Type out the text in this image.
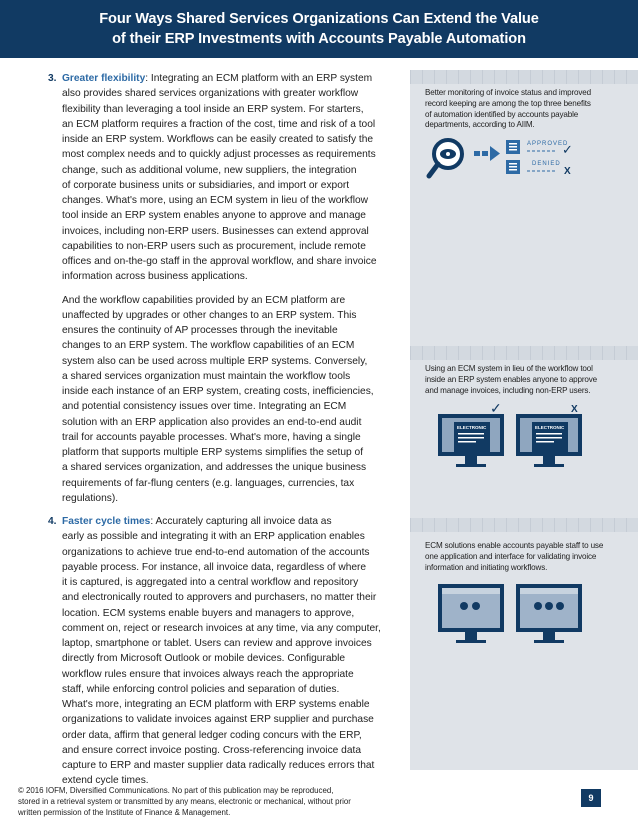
Four Ways Shared Services Organizations Can Extend the Value
of their ERP Investments with Accounts Payable Automation
3. Greater flexibility: Integrating an ECM platform with an ERP system
also provides shared services organizations with greater workflow
flexibility than leveraging a tool inside an ERP system. For starters,
an ECM platform requires a fraction of the cost, time and risk of a tool
inside an ERP system. Workflows can be easily created to satisfy the
most complex needs and to quickly adjust processes as requirements
change, such as additional volume, new suppliers, the integration
of corporate business units or subsidiaries, and import or export
changes. What's more, using an ECM system in lieu of the workflow
tool inside an ERP system enables anyone to approve and manage
invoices, including non-ERP users. Businesses can extend approval
capabilities to non-ERP users such as procurement, include remote
offices and on-the-go staff in the approval workflow, and share invoice
information across business applications.

And the workflow capabilities provided by an ECM platform are
unaffected by upgrades or other changes to an ERP system. This
ensures the continuity of AP processes through the inevitable
changes to an ERP system. The workflow capabilities of an ECM
system also can be used across multiple ERP systems. Conversely,
a shared services organization must maintain the workflow tools
inside each instance of an ERP system, creating costs, inefficiencies,
and potential consistency issues over time. Integrating an ECM
solution with an ERP application also provides an end-to-end audit
trail for accounts payable processes. What's more, having a single
platform that supports multiple ERP systems simplifies the setup of
a shared services organization, and addresses the unique business
requirements of far-flung centers (e.g. languages, currencies, tax
regulations).

4. Faster cycle times: Accurately capturing all invoice data as
early as possible and integrating it with an ERP application enables
organizations to achieve true end-to-end automation of the accounts
payable process. For instance, all invoice data, regardless of where
it is captured, is aggregated into a central workflow and repository
and electronically routed to approvers and purchasers, no matter their
location. ECM systems enable buyers and managers to approve,
comment on, reject or research invoices at any time, via any computer,
laptop, smartphone or tablet. Users can review and approve invoices
directly from Microsoft Outlook or mobile devices. Configurable
workflow rules ensure that invoices always reach the appropriate
staff, while enforcing control policies and separation of duties.
What's more, integrating an ECM platform with ERP systems enable
organizations to validate invoices against ERP supplier and purchase
order data, affirm that general ledger coding concurs with the ERP,
and ensure correct invoice posting. Cross-referencing invoice data
capture to ERP and master supplier data radically reduces errors that
extend cycle times.

Better monitoring of invoice status and improved
record keeping are among the top three benefits
of automation identified by accounts payable
departments, according to AIIM.
APPROVED
✓
DENIED
X
Using an ECM system in lieu of the workflow tool
inside an ERP system enables anyone to approve
and manage invoices, including non-ERP users.
ELECTRONIC
✓
ELECTRONIC
X
ECM solutions enable accounts payable staff to use
one application and interface for validating invoice
information and initiating workflows.
© 2016 IOFM, Diversified Communications. No part of this publication may be reproduced,
stored in a retrieval system or transmitted by any means, electronic or mechanical, without prior
written permission of the Institute of Finance & Management.
9
